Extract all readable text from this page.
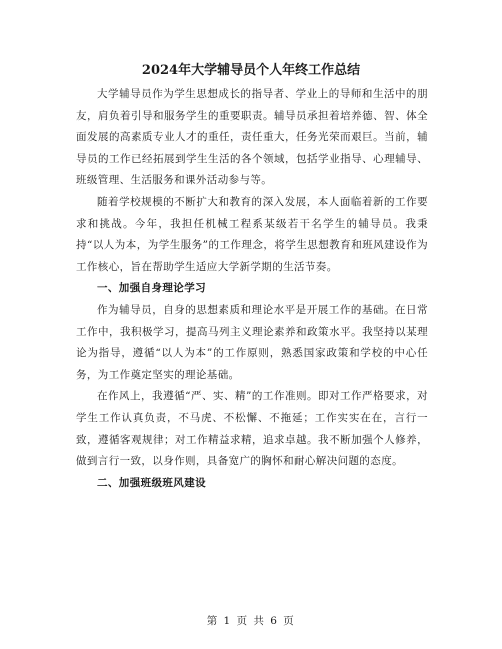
2024年大学辅导员个人年终工作总结

大学辅导员作为学生思想成长的指导者、学业上的导师和生活中的朋友，肩负着引导和服务学生的重要职责。辅导员承担着培养德、智、体全面发展的高素质专业人才的重任，责任重大，任务光荣而艰巨。当前，辅导员的工作已经拓展到学生生活的各个领域，包括学业指导、心理辅导、班级管理、生活服务和课外活动参与等。

随着学校规模的不断扩大和教育的深入发展，本人面临着新的工作要求和挑战。今年，我担任机械工程系某级若干名学生的辅导员。我秉持“以人为本，为学生服务”的工作理念，将学生思想教育和班风建设作为工作核心，旨在帮助学生适应大学新学期的生活节奏。

一、加强自身理论学习

作为辅导员，自身的思想素质和理论水平是开展工作的基础。在日常工作中，我积极学习，提高马列主义理论素养和政策水平。我坚持以某理论为指导，遵循“以人为本”的工作原则，熟悉国家政策和学校的中心任务，为工作奠定坚实的理论基础。

在作风上，我遵循“严、实、精”的工作准则。即对工作严格要求，对学生工作认真负责，不马虎、不松懈、不拖延；工作实实在在，言行一致，遵循客观规律；对工作精益求精，追求卓越。我不断加强个人修养，做到言行一致，以身作则，具备宽广的胸怀和耐心解决问题的态度。

二、加强班级班风建设

第 1 页 共 6 页
